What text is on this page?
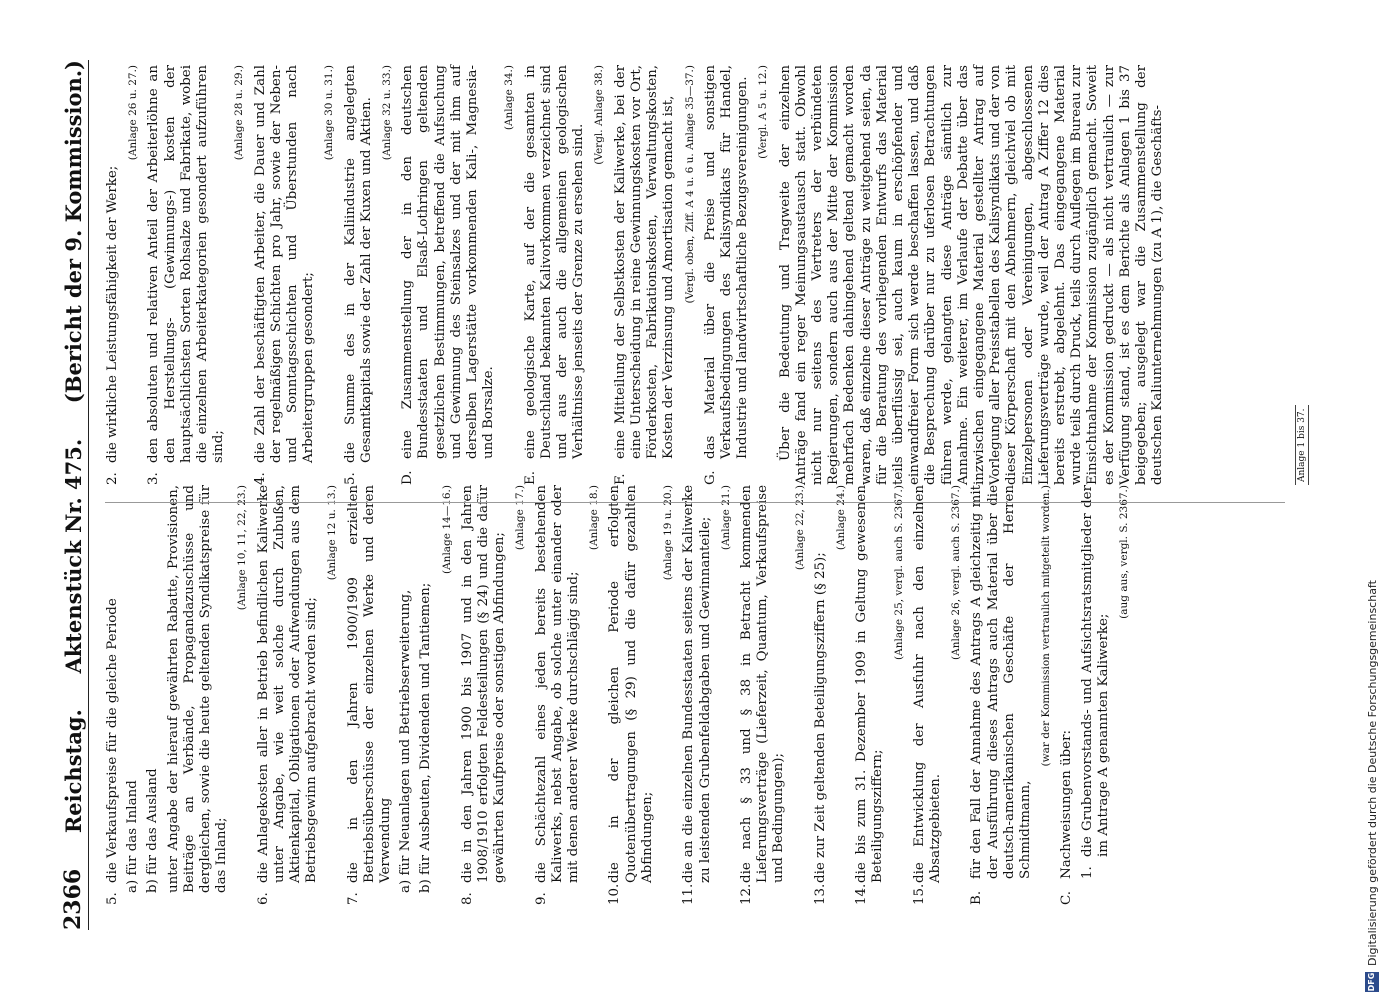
2366
Reichstag.
Aktenstück Nr. 475.
(Bericht der 9. Kommission.)
5.
die Verkaufspreise für die gleiche Periode a) für das Inland b) für das Ausland unter Angabe der hierauf gewährten Rabatte, Provisionen, Beiträge an Verbände, Propagandazuschüsse und dergleichen, sowie die heute geltenden Syndikatspreise für das Inland;
(Anlage 10, 11, 22, 23.)
6.
die Anlagekosten aller in Betrieb befindlichen Kaliwerke unter Angabe, wie weit solche durch Zubußen, Aktienkapital, Obligationen oder Aufwendungen aus dem Betriebsgewinn aufgebracht worden sind;
(Anlage 12 u. 13.)
7.
die in den Jahren 1900/1909 erzielten Betriebsüberschüsse der einzelnen Werke und deren Verwendung a) für Neuanlagen und Betriebserweiterung, b) für Ausbeuten, Dividenden und Tantiemen;
(Anlage 14—16.)
8.
die in den Jahren 1900 bis 1907 und in den Jahren 1908/1910 erfolgten Feldesteilungen (§ 24) und die dafür gewährten Kaufpreise oder sonstigen Abfindungen;
(Anlage 17.)
9.
die Schächtezahl eines jeden bereits bestehenden Kaliwerks, nebst Angabe, ob solche unter einander oder mit denen anderer Werke durchschlägig sind;
(Anlage 18.)
10.
die in der gleichen Periode erfolgten Quotenübertragungen (§ 29) und die dafür gezahlten Abfindungen;
(Anlage 19 u. 20.)
11.
die an die einzelnen Bundesstaaten seitens der Kaliwerke zu leistenden Grubenfeldabgaben und Gewinnanteile; (Anlage 21.)
12.
die nach § 33 und § 38 in Betracht kommenden Lieferungsverträge (Lieferzeit, Quantum, Verkaufspreise und Bedingungen);
(Anlage 22, 23.)
13.
die zur Zeit geltenden Beteiligungsziffern (§ 25);
(Anlage 24.)
14.
die bis zum 31. Dezember 1909 in Geltung gewesenen Beteiligungsziffern;
(Anlage 25, vergl. auch S. 2367.)
15.
die Entwicklung der Ausfuhr nach den einzelnen Absatzgebieten.
(Anlage 26, vergl. auch S. 2367.)
B.
für den Fall der Annahme des Antrags A gleichzeitig mit der Ausführung dieses Antrags auch Material über die deutsch-amerikanischen Geschäfte der Herren Schmidtmann,
(war der Kommission vertraulich mitgeteilt worden.)
C.
Nachweisungen über: 1.
die Grubenvorstands- und Aufsichtsratsmitglieder der im Antrage A genannten Kaliwerke;
(aug aus, vergl. S. 2367.)
2.
die wirkliche Leistungsfähigkeit der Werke;
(Anlage 26 u. 27.)
3.
den absoluten und relativen Anteil der Arbeiterlöhne an den Herstellungs- (Gewinnungs-) kosten der hauptsächlichsten Sorten Rohsalze und Fabrikate, wobei die einzelnen Arbeiterkategorien gesondert aufzuführen sind;
(Anlage 28 u. 29.)
4.
die Zahl der beschäftigten Arbeiter, die Dauer und Zahl der regelmäßigen Schichten pro Jahr, sowie der Neben- und Sonntagsschichten und Überstunden nach Arbeitergruppen gesondert;
(Anlage 30 u. 31.)
5.
die Summe des in der Kaliindustrie angelegten Gesamtkapitals sowie der Zahl der Kuxen und Aktien. (Anlage 32 u. 33.)
D.
eine Zusammenstellung der in den deutschen Bundesstaaten und Elsaß-Lothringen geltenden gesetzlichen Bestimmungen, betreffend die Aufsuchung und Gewinnung des Steinsalzes und der mit ihm auf derselben Lagerstätte vorkommenden Kali-, Magnesia- und Borsalze.
(Anlage 34.)
E.
eine geologische Karte, auf der die gesamten in Deutschland bekannten Kalivorkommen verzeichnet sind und aus der auch die allgemeinen geologischen Verhältnisse jenseits der Grenze zu ersehen sind.
(Vergl. Anlage 38.)
F.
eine Mitteilung der Selbstkosten der Kaliwerke, bei der eine Unterscheidung in reine Gewinnungskosten vor Ort, Förderkosten, Fabrikationskosten, Verwaltungskosten, Kosten der Verzinsung und Amortisation gemacht ist, (Vergl. oben, Ziff. A 4 u. 6 u. Anlage 35—37.)
G.
das Material über die Preise und sonstigen Verkaufsbedingungen des Kalisyndikats für Handel, Industrie und landwirtschaftliche Bezugsvereinigungen. (Vergl. A 5 u. 12.) Über die Bedeutung und Tragweite der einzelnen Anträge fand ein reger Meinungsaustausch statt. Obwohl nicht nur seitens des Vertreters der verbündeten Regierungen, sondern auch aus der Mitte der Kommission mehrfach Bedenken dahingehend geltend gemacht worden waren, daß einzelne dieser Anträge zu weitgehend seien, da für die Beratung des vorliegenden Entwurfs das Material teils überflüssig sei, auch kaum in erschöpfender und einwandfreier Form sich werde beschaffen lassen, und daß die Besprechung darüber nur zu uferlosen Betrachtungen führen werde, gelangten diese Anträge sämtlich zur Annahme. Ein weiterer, im Verlaufe der Debatte über das inzwischen eingegangene Material gestellter Antrag auf Vorlegung aller Preisstabellen des Kalisyndikats und der von dieser Körperschaft mit den Abnehmern, gleichviel ob mit Einzelpersonen oder Vereinigungen, abgeschlossenen Lieferungsverträge wurde, weil der Antrag A Ziffer 12 dies bereits erstrebt, abgelehnt. Das eingegangene Material wurde teils durch Druck, teils durch Auflegen im Bureau zur Einsichtnahme der Kommission zugänglich gemacht. Soweit es der Kommission gedruckt — als nicht vertraulich — zur Verfügung stand, ist es dem Berichte als Anlagen 1 bis 37 beigegeben; ausgelegt war die Zusammenstellung der deutschen Kaliunternehmungen (zu A 1), die Geschäfts-	Anlage 1 bis 37.
DFG
Digitalisierung gefördert durch die Deutsche Forschungsgemeinschaft
